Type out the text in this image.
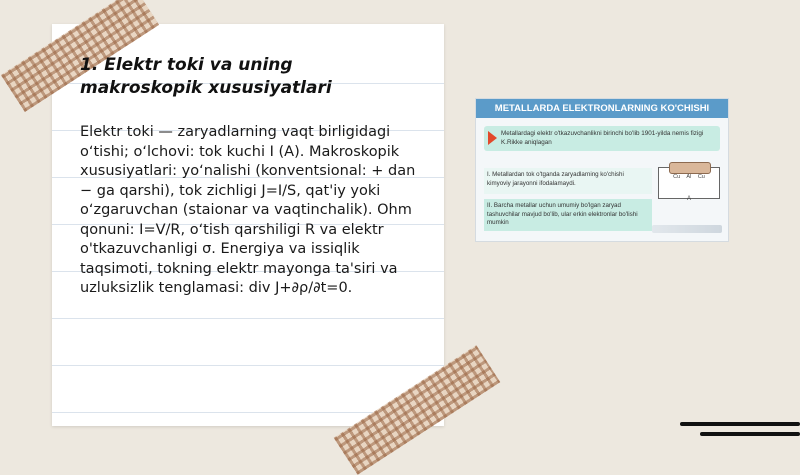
1. Elektr toki va uning makroskopik xususiyatlari

Elektr toki — zaryadlarning vaqt birligidagi oʻtishi; oʻlchovi: tok kuchi I (A). Makroskopik xususiyatlari: yoʻnalishi (konventsional: + dan − ga qarshi), tok zichligi J=I/S, qat'iy yoki oʻzgaruvchan (staionar va vaqtinchalik). Ohm qonuni: I=V/R, oʻtish qarshiligi R va elektr o'tkazuvchanligi σ. Energiya va issiqlik taqsimoti, tokning elektr mayonga ta'siri va uzluksizlik tenglamasi: div J+∂ρ/∂t=0.

METALLARDA ELEKTRONLARNING KO'CHISHI
Metallardagi elektr o'tkazuvchanlikni birinchi bo'lib 1901-yilda nemis fizigi K.Rikke aniqlagan
I. Metallardan tok o'tganda zaryadlarning ko'chishi kimyoviy jarayonni ifodalamaydi.
II. Barcha metallar uchun umumiy bo'lgan zaryad tashuvchilar mavjud bo'lib, ular erkin elektronlar bo'lishi mumkin
Cu Al Cu
A
